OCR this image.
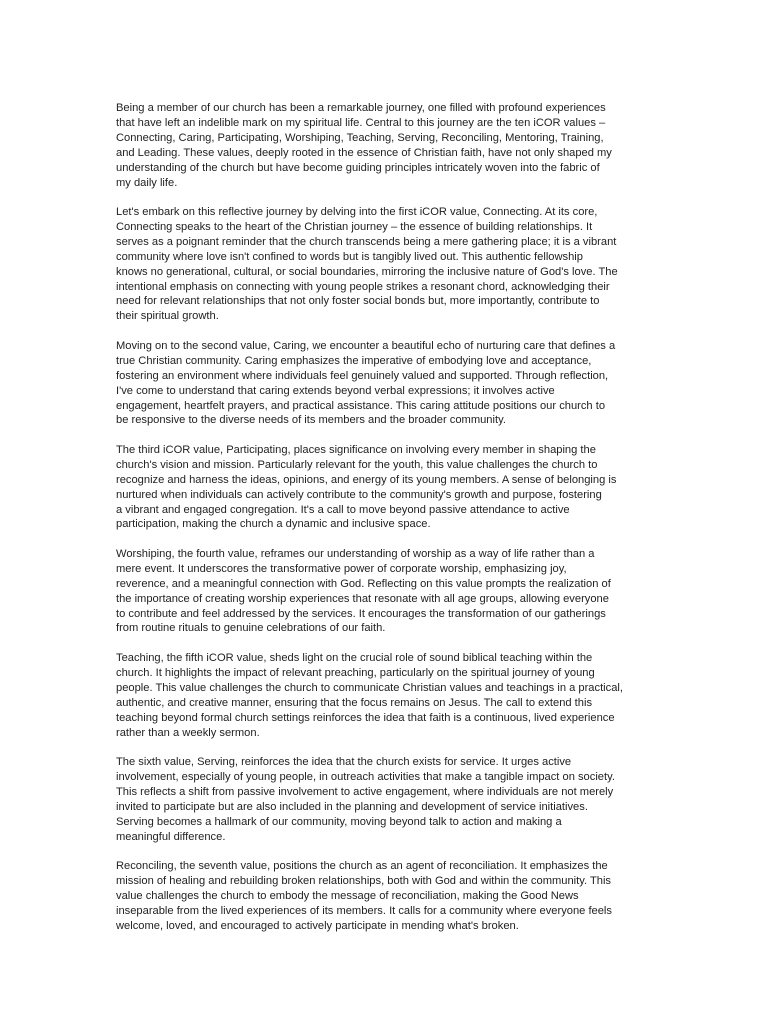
Being a member of our church has been a remarkable journey, one filled with profound experiences
that have left an indelible mark on my spiritual life. Central to this journey are the ten iCOR values –
Connecting, Caring, Participating, Worshiping, Teaching, Serving, Reconciling, Mentoring, Training,
and Leading. These values, deeply rooted in the essence of Christian faith, have not only shaped my
understanding of the church but have become guiding principles intricately woven into the fabric of
my daily life.

Let's embark on this reflective journey by delving into the first iCOR value, Connecting. At its core,
Connecting speaks to the heart of the Christian journey – the essence of building relationships. It
serves as a poignant reminder that the church transcends being a mere gathering place; it is a vibrant
community where love isn't confined to words but is tangibly lived out. This authentic fellowship
knows no generational, cultural, or social boundaries, mirroring the inclusive nature of God's love. The
intentional emphasis on connecting with young people strikes a resonant chord, acknowledging their
need for relevant relationships that not only foster social bonds but, more importantly, contribute to
their spiritual growth.

Moving on to the second value, Caring, we encounter a beautiful echo of nurturing care that defines a
true Christian community. Caring emphasizes the imperative of embodying love and acceptance,
fostering an environment where individuals feel genuinely valued and supported. Through reflection,
I've come to understand that caring extends beyond verbal expressions; it involves active
engagement, heartfelt prayers, and practical assistance. This caring attitude positions our church to
be responsive to the diverse needs of its members and the broader community.

The third iCOR value, Participating, places significance on involving every member in shaping the
church's vision and mission. Particularly relevant for the youth, this value challenges the church to
recognize and harness the ideas, opinions, and energy of its young members. A sense of belonging is
nurtured when individuals can actively contribute to the community's growth and purpose, fostering
a vibrant and engaged congregation. It's a call to move beyond passive attendance to active
participation, making the church a dynamic and inclusive space.

Worshiping, the fourth value, reframes our understanding of worship as a way of life rather than a
mere event. It underscores the transformative power of corporate worship, emphasizing joy,
reverence, and a meaningful connection with God. Reflecting on this value prompts the realization of
the importance of creating worship experiences that resonate with all age groups, allowing everyone
to contribute and feel addressed by the services. It encourages the transformation of our gatherings
from routine rituals to genuine celebrations of our faith.

Teaching, the fifth iCOR value, sheds light on the crucial role of sound biblical teaching within the
church. It highlights the impact of relevant preaching, particularly on the spiritual journey of young
people. This value challenges the church to communicate Christian values and teachings in a practical,
authentic, and creative manner, ensuring that the focus remains on Jesus. The call to extend this
teaching beyond formal church settings reinforces the idea that faith is a continuous, lived experience
rather than a weekly sermon.

The sixth value, Serving, reinforces the idea that the church exists for service. It urges active
involvement, especially of young people, in outreach activities that make a tangible impact on society.
This reflects a shift from passive involvement to active engagement, where individuals are not merely
invited to participate but are also included in the planning and development of service initiatives.
Serving becomes a hallmark of our community, moving beyond talk to action and making a
meaningful difference.

Reconciling, the seventh value, positions the church as an agent of reconciliation. It emphasizes the
mission of healing and rebuilding broken relationships, both with God and within the community. This
value challenges the church to embody the message of reconciliation, making the Good News
inseparable from the lived experiences of its members. It calls for a community where everyone feels
welcome, loved, and encouraged to actively participate in mending what's broken.
